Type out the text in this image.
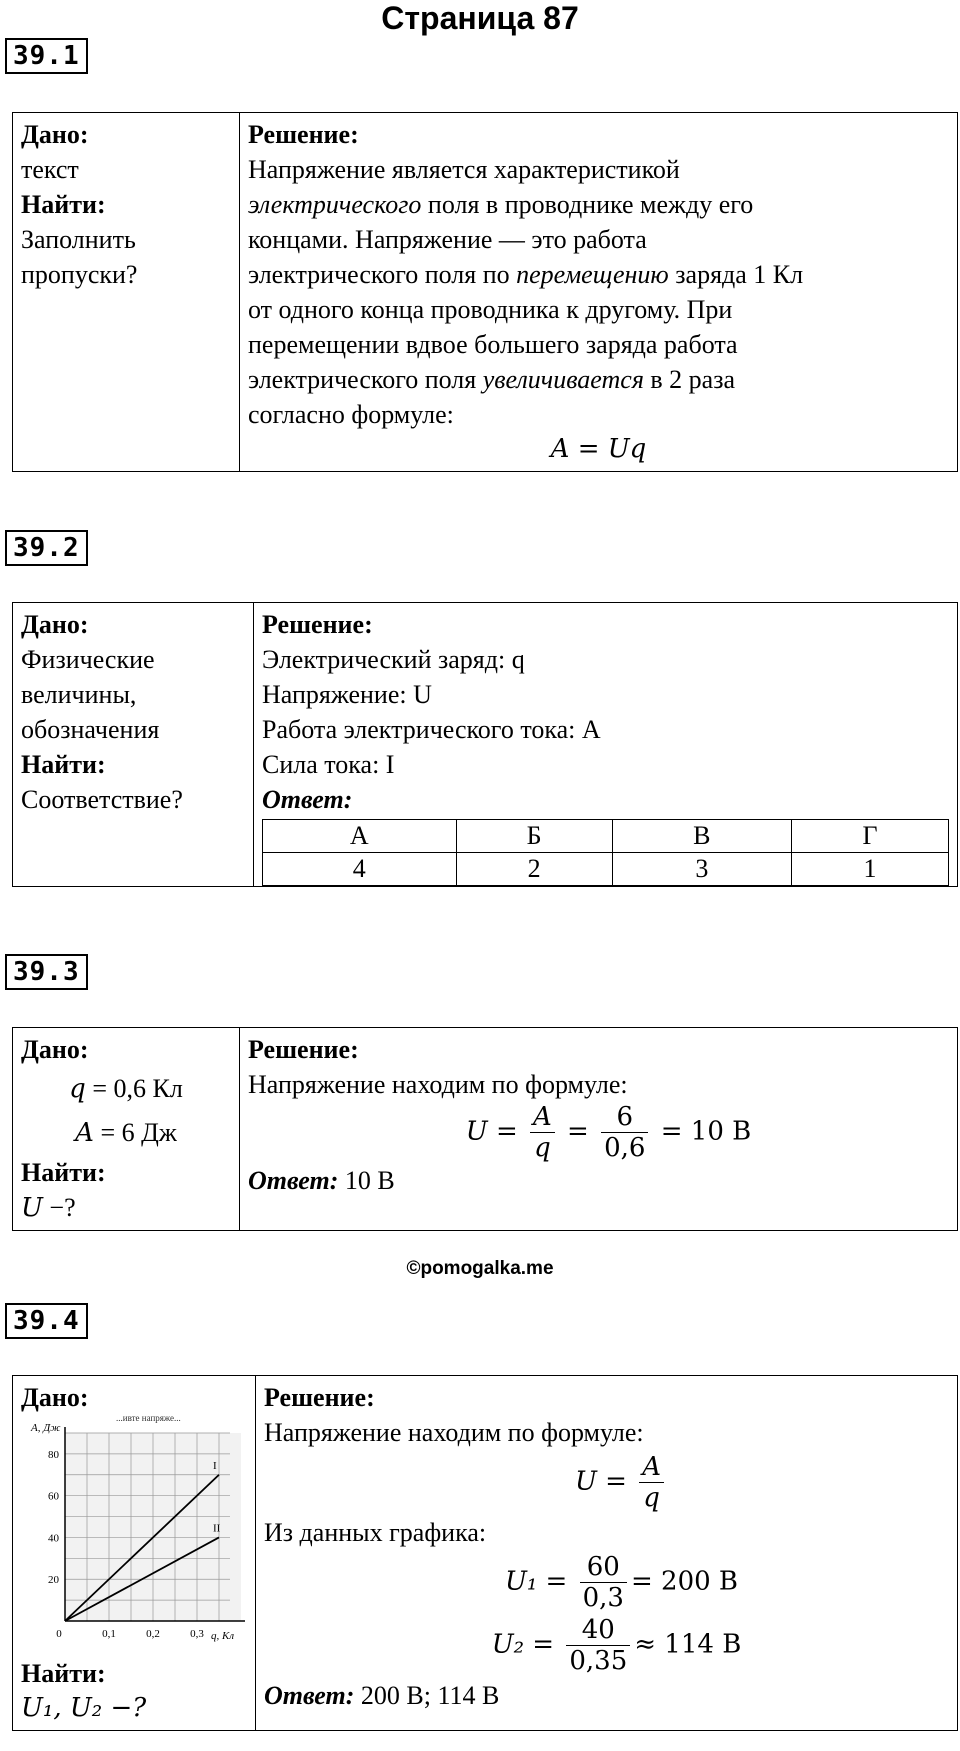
Страница 87
39.1
Дано:
текст
Найти:
Заполнить пропуски?

Решение:
Напряжение является характеристикой
электрического поля в проводнике между его
концами. Напряжение — это работа
электрического поля по перемещению заряда 1 Кл
от одного конца проводника к другому. При
перемещении вдвое большего заряда работа
электрического поля увеличивается в 2 раза
согласно формуле:
A = Uq
39.2
Дано:
Физические
величины,
обозначения
Найти:
Соответствие?

Решение:
Электрический заряд: q
Напряжение: U
Работа электрического тока: A
Сила тока: I
Ответ:
А	Б	В	Г
4	2	3	1
39.3
Дано:
q = 0,6 Кл
A = 6 Дж
Найти:
U −?

Решение:
Напряжение находим по формуле:
$U = \frac{A}{q} = \frac{6}{0,6} = 10$ В
Ответ: 10 В
©pomogalka.me
39.4
Дано:
20
40
60
80
0	0,1	0,2	0,3
I
II
A, Дж
q, Кл
...ивте напряже...
Найти:
U₁, U₂ −?

Решение:
Напряжение находим по формуле:
$U = \frac{A}{q}$
Из данных графика:
$U_1 = \frac{60}{0,3} = 200$ В
$U_2 = \frac{40}{0,35} \approx 114$ В
Ответ: 200 В; 114 В
